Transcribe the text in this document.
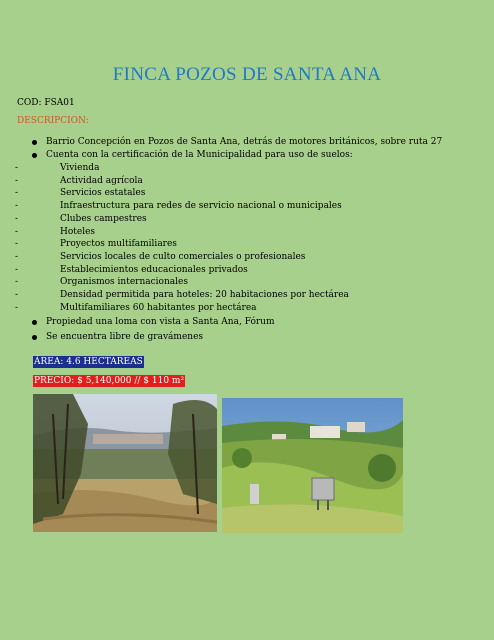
FINCA POZOS DE SANTA ANA
COD: FSA01
DESCRIPCION:
Barrio Concepción en Pozos de Santa Ana, detrás de motores británicos, sobre ruta 27
Cuenta con la certificación de la Municipalidad para uso de suelos:
- Vivienda
- Actividad agrícola
- Servicios estatales
- Infraestructura para redes de servicio nacional o municipales
- Clubes campestres
- Hoteles
- Proyectos multifamiliares
- Servicios locales de culto comerciales o profesionales
- Establecimientos educacionales privados
- Organismos internacionales
- Densidad permitida para hoteles: 20 habitaciones por hectárea
- Multifamiliares 60 habitantes por hectárea
Propiedad una loma con vista a Santa Ana, Fórum
Se encuentra libre de gravámenes
ÁREA: 4.6 HECTAREAS
PRECIO: $ 5,140,000 // $ 110 m²
